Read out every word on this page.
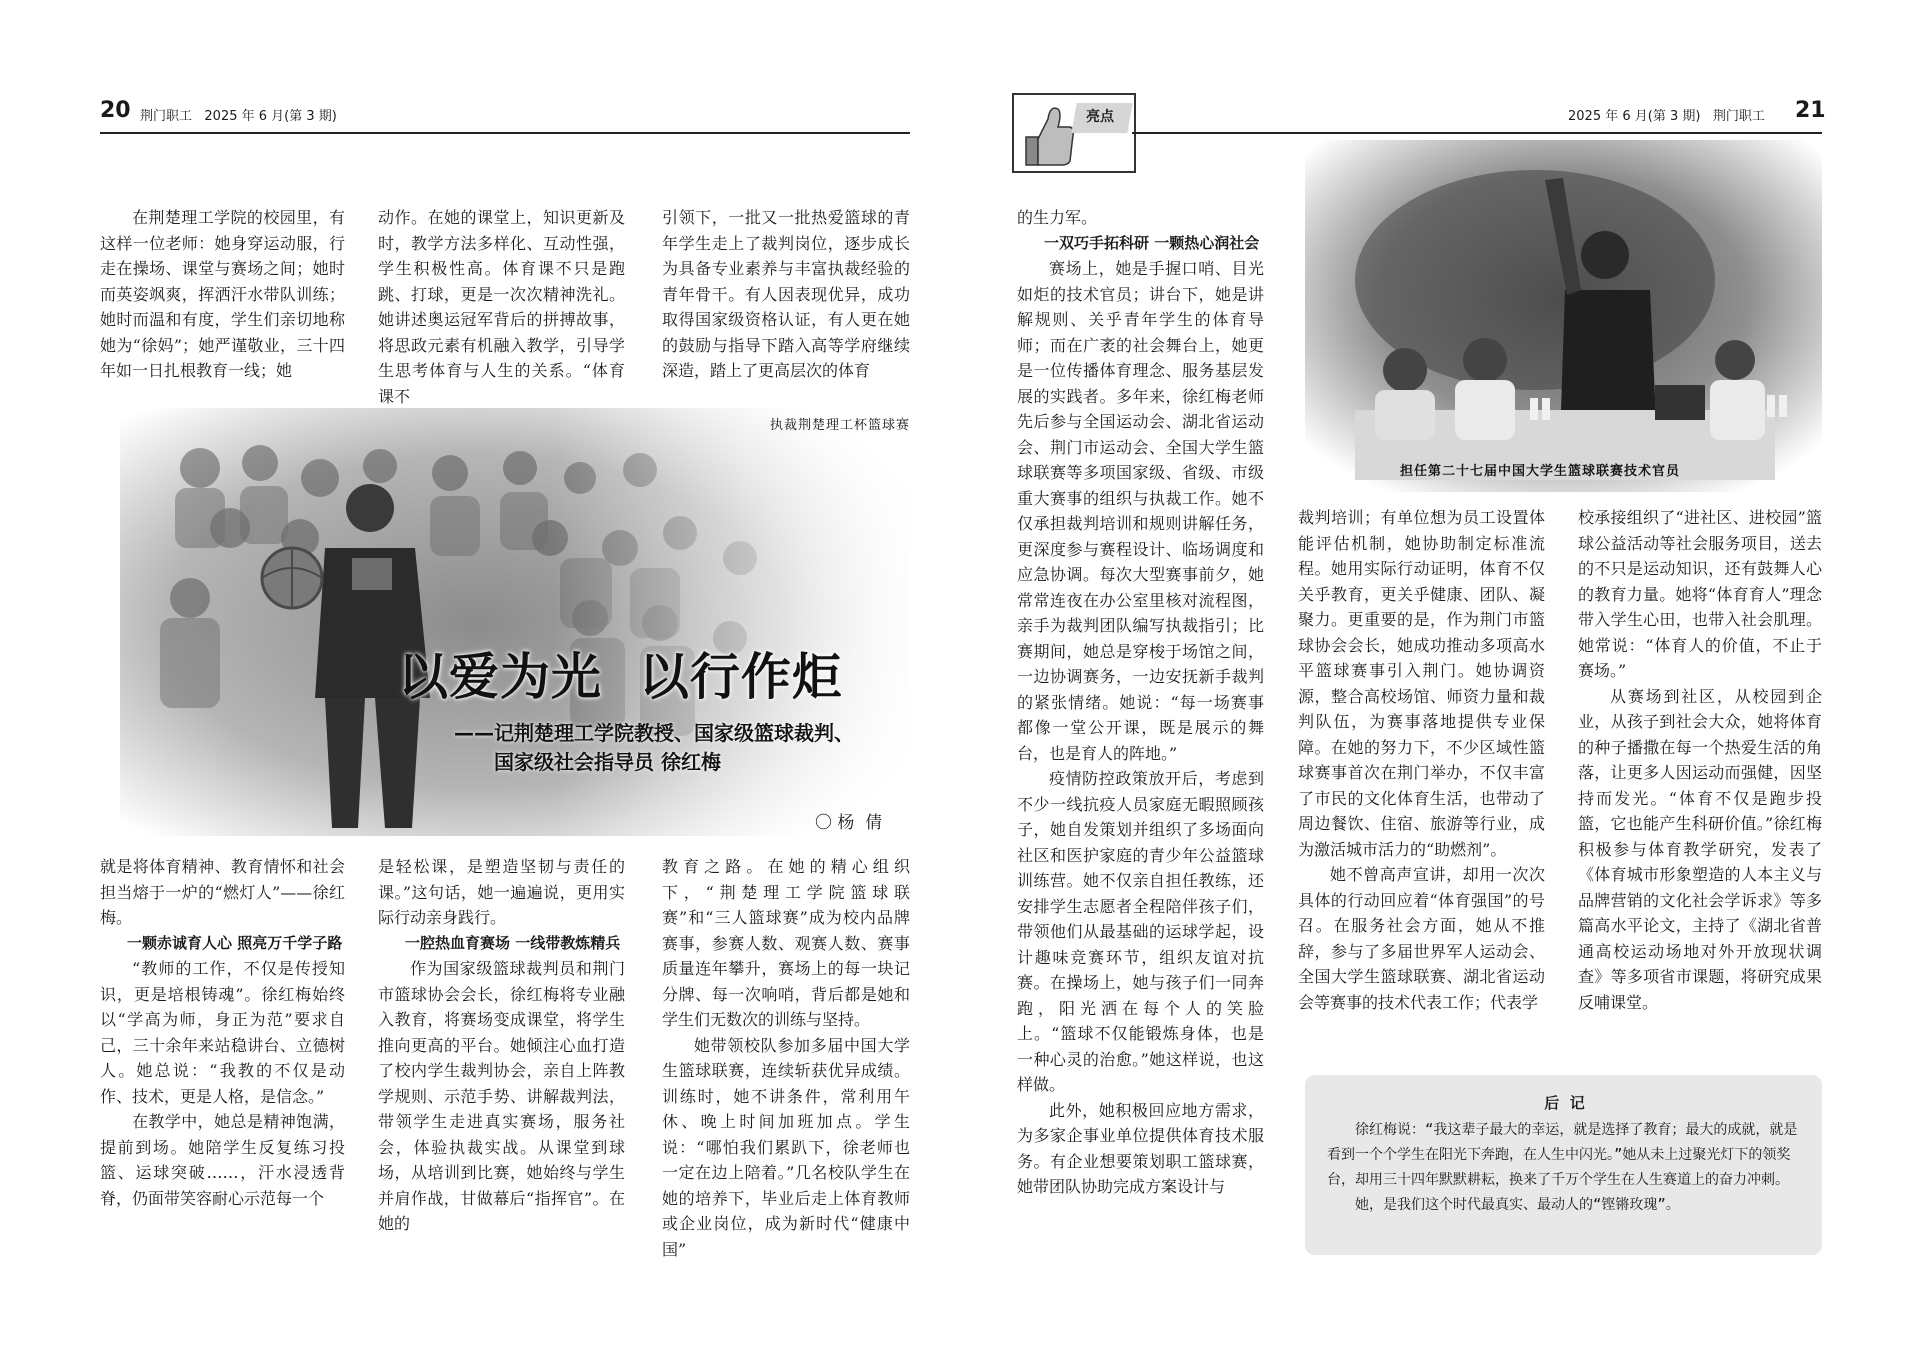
20 荆门职工   2025 年 6 月(第 3 期)

在荆楚理工学院的校园里，有这样一位老师：她身穿运动服，行走在操场、课堂与赛场之间；她时而英姿飒爽，挥洒汗水带队训练；她时而温和有度，学生们亲切地称她为“徐妈”；她严谨敬业，三十四年如一日扎根教育一线；她

动作。在她的课堂上，知识更新及时，教学方法多样化、互动性强，学生积极性高。体育课不只是跑跳、打球，更是一次次精神洗礼。她讲述奥运冠军背后的拼搏故事，将思政元素有机融入教学，引导学生思考体育与人生的关系。“体育课不

引领下，一批又一批热爱篮球的青年学生走上了裁判岗位，逐步成长为具备专业素养与丰富执裁经验的青年骨干。有人因表现优异，成功取得国家级资格认证，有人更在她的鼓励与指导下踏入高等学府继续深造，踏上了更高层次的体育

执裁荆楚理工杯篮球赛
以爱为光  以行作炬
——记荆楚理工学院教授、国家级篮球裁判、
国家级社会指导员 徐红梅
〇 杨  倩

就是将体育精神、教育情怀和社会担当熔于一炉的“燃灯人”——徐红梅。

一颗赤诚育人心 照亮万千学子路

“教师的工作，不仅是传授知识，更是培根铸魂”。徐红梅始终以“学高为师，身正为范”要求自己，三十余年来站稳讲台、立德树人。她总说：“我教的不仅是动作、技术，更是人格，是信念。”

在教学中，她总是精神饱满，提前到场。她陪学生反复练习投篮、运球突破……，汗水浸透背脊，仍面带笑容耐心示范每一个

是轻松课，是塑造坚韧与责任的课。”这句话，她一遍遍说，更用实际行动亲身践行。

一腔热血育赛场 一线带教炼精兵

作为国家级篮球裁判员和荆门市篮球协会会长，徐红梅将专业融入教育，将赛场变成课堂，将学生推向更高的平台。她倾注心血打造了校内学生裁判协会，亲自上阵教学规则、示范手势、讲解裁判法，带领学生走进真实赛场，服务社会，体验执裁实战。从课堂到球场，从培训到比赛，她始终与学生并肩作战，甘做幕后“指挥官”。在她的

教育之路。在她的精心组织下，“荆楚理工学院篮球联赛”和“三人篮球赛”成为校内品牌赛事，参赛人数、观赛人数、赛事质量连年攀升，赛场上的每一块记分牌、每一次响哨，背后都是她和学生们无数次的训练与坚持。

她带领校队参加多届中国大学生篮球联赛，连续斩获优异成绩。训练时，她不讲条件，常利用午休、晚上时间加班加点。学生说：“哪怕我们累趴下，徐老师也一定在边上陪着。”几名校队学生在她的培养下，毕业后走上体育教师或企业岗位，成为新时代“健康中国”

亮点	2025 年 6 月(第 3 期)   荆门职工 21
担任第二十七届中国大学生篮球联赛技术官员

的生力军。

一双巧手拓科研 一颗热心润社会

赛场上，她是手握口哨、目光如炬的技术官员；讲台下，她是讲解规则、关乎青年学生的体育导师；而在广袤的社会舞台上，她更是一位传播体育理念、服务基层发展的实践者。多年来，徐红梅老师先后参与全国运动会、湖北省运动会、荆门市运动会、全国大学生篮球联赛等多项国家级、省级、市级重大赛事的组织与执裁工作。她不仅承担裁判培训和规则讲解任务，更深度参与赛程设计、临场调度和应急协调。每次大型赛事前夕，她常常连夜在办公室里核对流程图，亲手为裁判团队编写执裁指引；比赛期间，她总是穿梭于场馆之间，一边协调赛务，一边安抚新手裁判的紧张情绪。她说：“每一场赛事都像一堂公开课，既是展示的舞台，也是育人的阵地。”

疫情防控政策放开后，考虑到不少一线抗疫人员家庭无暇照顾孩子，她自发策划并组织了多场面向社区和医护家庭的青少年公益篮球训练营。她不仅亲自担任教练，还安排学生志愿者全程陪伴孩子们，带领他们从最基础的运球学起，设计趣味竞赛环节，组织友谊对抗赛。在操场上，她与孩子们一同奔跑，阳光洒在每个人的笑脸上。“篮球不仅能锻炼身体，也是一种心灵的治愈。”她这样说，也这样做。

此外，她积极回应地方需求，为多家企事业单位提供体育技术服务。有企业想要策划职工篮球赛，她带团队协助完成方案设计与

裁判培训；有单位想为员工设置体能评估机制，她协助制定标准流程。她用实际行动证明，体育不仅关乎教育，更关乎健康、团队、凝聚力。更重要的是，作为荆门市篮球协会会长，她成功推动多项高水平篮球赛事引入荆门。她协调资源，整合高校场馆、师资力量和裁判队伍，为赛事落地提供专业保障。在她的努力下，不少区域性篮球赛事首次在荆门举办，不仅丰富了市民的文化体育生活，也带动了周边餐饮、住宿、旅游等行业，成为激活城市活力的“助燃剂”。

她不曾高声宣讲，却用一次次具体的行动回应着“体育强国”的号召。在服务社会方面，她从不推辞，参与了多届世界军人运动会、全国大学生篮球联赛、湖北省运动会等赛事的技术代表工作；代表学

校承接组织了“进社区、进校园”篮球公益活动等社会服务项目，送去的不只是运动知识，还有鼓舞人心的教育力量。她将“体育育人”理念带入学生心田，也带入社会肌理。她常说：“体育人的价值，不止于赛场。”

从赛场到社区，从校园到企业，从孩子到社会大众，她将体育的种子播撒在每一个热爱生活的角落，让更多人因运动而强健，因坚持而发光。“体育不仅是跑步投篮，它也能产生科研价值。”徐红梅积极参与体育教学研究，发表了《体育城市形象塑造的人本主义与品牌营销的文化社会学诉求》等多篇高水平论文，主持了《湖北省普通高校运动场地对外开放现状调查》等多项省市课题，将研究成果反哺课堂。

后  记

徐红梅说：“我这辈子最大的幸运，就是选择了教育；最大的成就，就是看到一个个学生在阳光下奔跑，在人生中闪光。”她从未上过聚光灯下的领奖台，却用三十四年默默耕耘，换来了千万个学生在人生赛道上的奋力冲刺。

她，是我们这个时代最真实、最动人的“铿锵玫瑰”。
